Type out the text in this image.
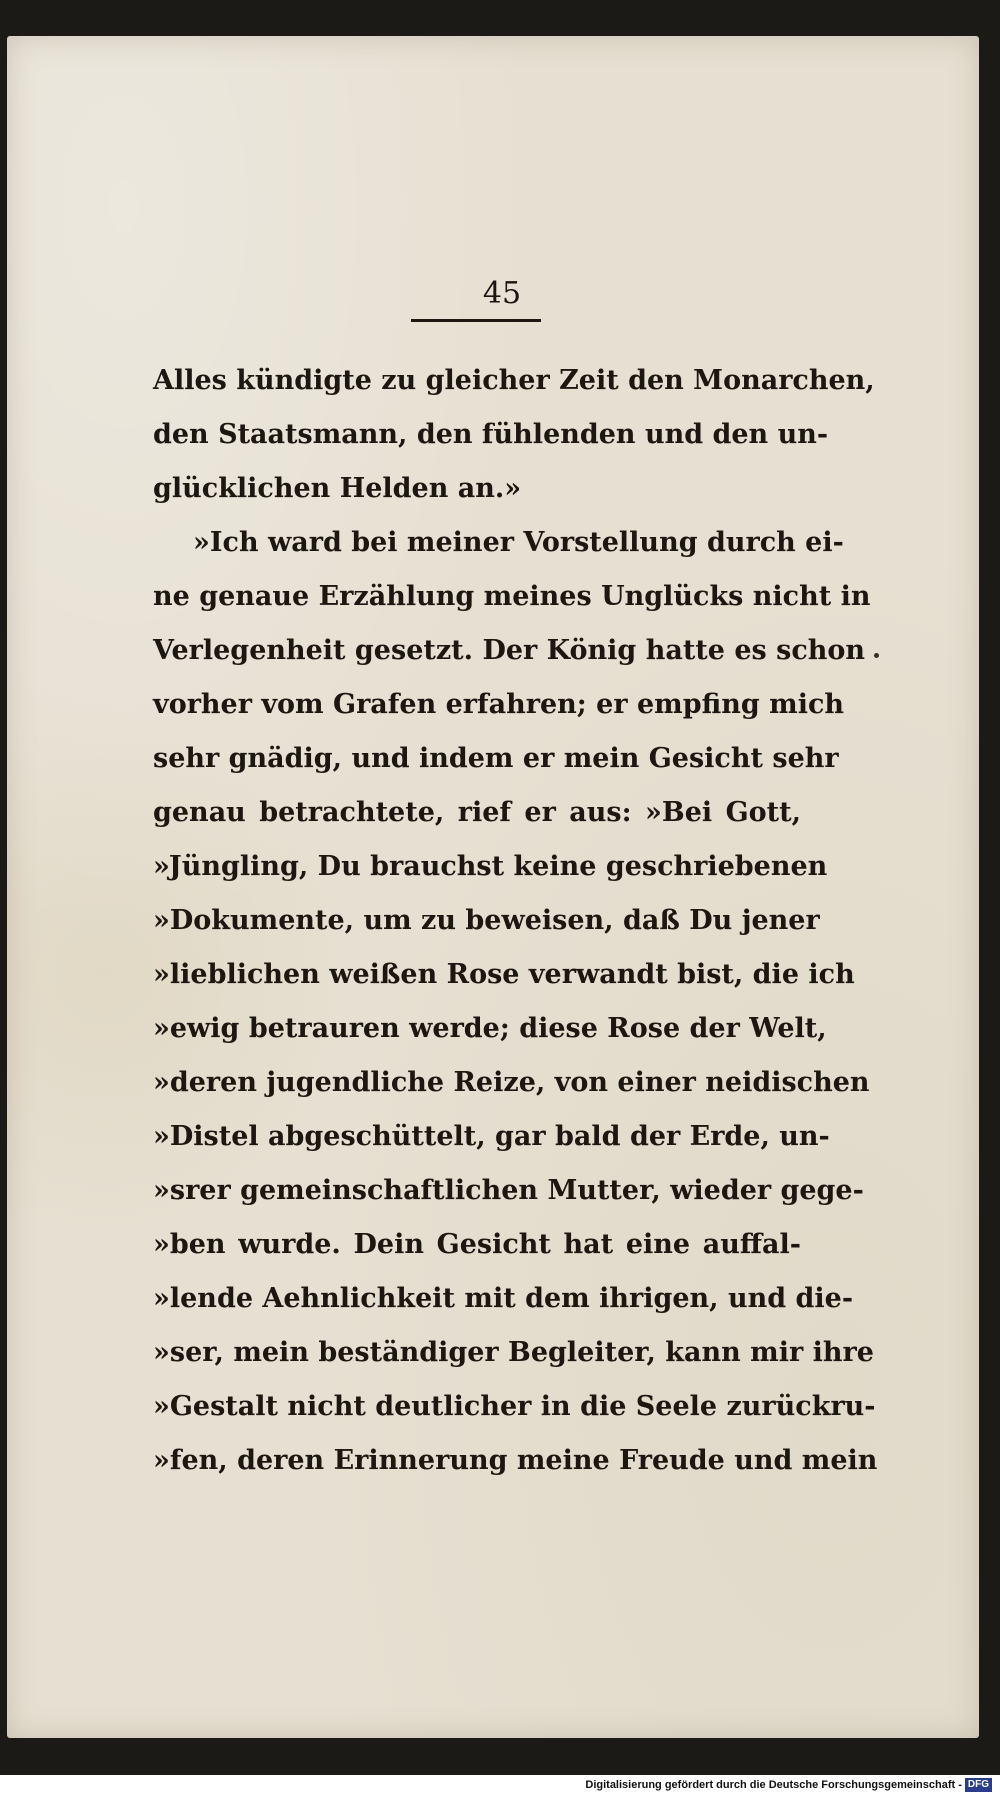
45
Alles kündigte zu gleicher Zeit den Monarchen,
den Staatsmann, den fühlenden und den un-
glücklichen Helden an.»
»Ich ward bei meiner Vorstellung durch ei-
ne genaue Erzählung meines Unglücks nicht in
Verlegenheit gesetzt. Der König hatte es schon
vorher vom Grafen erfahren; er empfing mich
sehr gnädig, und indem er mein Gesicht sehr
genau betrachtete, rief er aus: »Bei Gott,
»Jüngling, Du brauchst keine geschriebenen
»Dokumente, um zu beweisen, daß Du jener
»lieblichen weißen Rose verwandt bist, die ich
»ewig betrauren werde; diese Rose der Welt,
»deren jugendliche Reize, von einer neidischen
»Distel abgeschüttelt, gar bald der Erde, un-
»srer gemeinschaftlichen Mutter, wieder gege-
»ben wurde. Dein Gesicht hat eine auffal-
»lende Aehnlichkeit mit dem ihrigen, und die-
»ser, mein beständiger Begleiter, kann mir ihre
»Gestalt nicht deutlicher in die Seele zurückru-
»fen, deren Erinnerung meine Freude und mein
Digitalisierung gefördert durch die Deutsche Forschungsgemeinschaft - DFG
